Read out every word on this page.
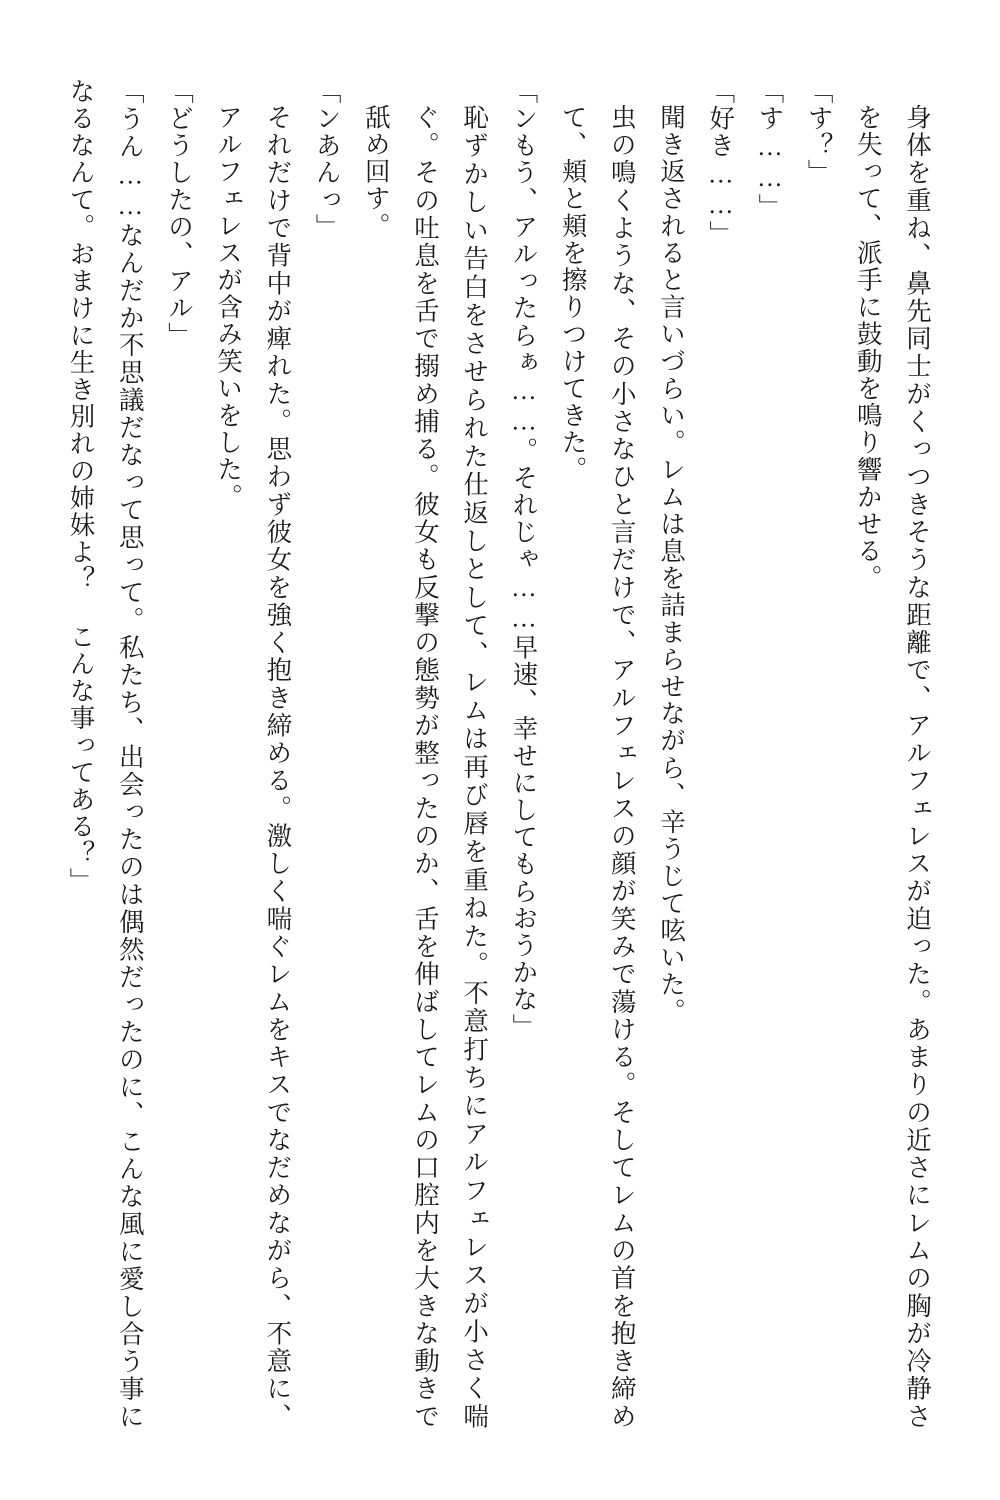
身体を重ね、鼻先同士がくっつきそうな距離で、アルフェレスが迫った。あまりの近さにレムの胸が冷静さを失って、派手に鼓動を鳴り響かせる。

「す？」

「す……」

「好き……」

聞き返されると言いづらい。レムは息を詰まらせながら、辛うじて呟いた。

虫の鳴くような、その小さなひと言だけで、アルフェレスの顔が笑みで蕩ける。そしてレムの首を抱き締めて、頬と頬を擦りつけてきた。

「ンもう、アルったらぁ……。それじゃ……早速、幸せにしてもらおうかな」

恥ずかしい告白をさせられた仕返しとして、レムは再び唇を重ねた。不意打ちにアルフェレスが小さく喘ぐ。その吐息を舌で搦め捕る。彼女も反撃の態勢が整ったのか、舌を伸ばしてレムの口腔内を大きな動きで舐め回す。

「ンあんっ」

それだけで背中が痺れた。思わず彼女を強く抱き締める。激しく喘ぐレムをキスでなだめながら、不意に、アルフェレスが含み笑いをした。

「どうしたの、アル」

「うん……なんだか不思議だなって思って。私たち、出会ったのは偶然だったのに、こんな風に愛し合う事になるなんて。おまけに生き別れの姉妹よ？ こんな事ってある？」
